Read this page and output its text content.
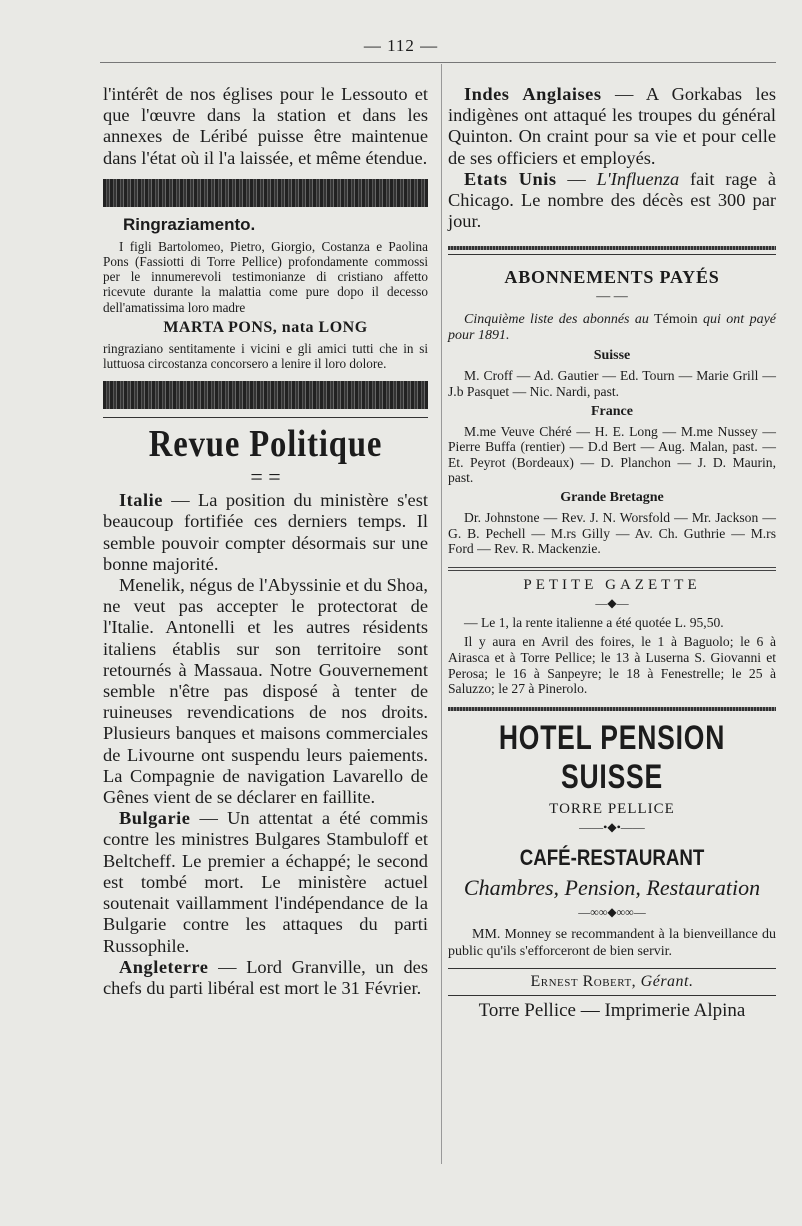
— 112 —

l'intérêt de nos églises pour le Lessouto et que l'œuvre dans la station et dans les annexes de Léribé puisse être maintenue dans l'état où il l'a laissée, et même étendue.

Ringraziamento.

I figli Bartolomeo, Pietro, Giorgio, Costanza e Paolina Pons (Fassiotti di Torre Pellice) profondamente commossi per le innumerevoli testimonianze di cristiano affetto ricevute durante la malattia come pure dopo il decesso dell'amatissima loro madre

MARTA PONS, nata LONG

ringraziano sentitamente i vicini e gli amici tutti che in si luttuosa circostanza concorsero a lenire il loro dolore.

Revue Politique
= =

Italie — La position du ministère s'est beaucoup fortifiée ces derniers temps. Il semble pouvoir compter désormais sur une bonne majorité.

Menelik, négus de l'Abyssinie et du Shoa, ne veut pas accepter le protectorat de l'Italie. Antonelli et les autres résidents italiens établis sur son territoire sont retournés à Massaua. Notre Gouvernement semble n'être pas disposé à tenter de ruineuses revendications de nos droits. Plusieurs banques et maisons commerciales de Livourne ont suspendu leurs paiements. La Compagnie de navigation Lavarello de Gênes vient de se déclarer en faillite.

Bulgarie — Un attentat a été commis contre les ministres Bulgares Stambuloff et Beltcheff. Le premier a échappé; le second est tombé mort. Le ministère actuel soutenait vaillamment l'indépendance de la Bulgarie contre les attaques du parti Russophile.

Angleterre — Lord Granville, un des chefs du parti libéral est mort le 31 Février.

Indes Anglaises — A Gorkabas les indigènes ont attaqué les troupes du général Quinton. On craint pour sa vie et pour celle de ses officiers et employés.

Etats Unis — L'Influenza fait rage à Chicago. Le nombre des décès est 300 par jour.

ABONNEMENTS PAYÉS
— —

Cinquième liste des abonnés au Témoin qui ont payé pour 1891.

Suisse

M. Croff — Ad. Gautier — Ed. Tourn — Marie Grill — J.b Pasquet — Nic. Nardi, past.

France

M.me Veuve Chéré — H. E. Long — M.me Nussey — Pierre Buffa (rentier) — D.d Bert — Aug. Malan, past. — Et. Peyrot (Bordeaux) — D. Planchon — J. D. Maurin, past.

Grande Bretagne

Dr. Johnstone — Rev. J. N. Worsfold — Mr. Jackson — G. B. Pechell — M.rs Gilly — Av. Ch. Guthrie — M.rs Ford — Rev. R. Mackenzie.

PETITE GAZETTE
—◆—

— Le 1, la rente italienne a été quotée L. 95,50.

Il y aura en Avril des foires, le 1 à Baguolo; le 6 à Airasca et à Torre Pellice; le 13 à Luserna S. Giovanni et Perosa; le 16 à Sanpeyre; le 18 à Fenestrelle; le 25 à Saluzzo; le 27 à Pinerolo.

HOTEL PENSION SUISSE
TORRE PELLICE
——•◆•——
CAFÉ-RESTAURANT
Chambres, Pension, Restauration
—∞∞◆∞∞—

MM. Monney se recommandent à la bienveillance du public qu'ils s'efforceront de bien servir.

Ernest Robert, Gérant.
Torre Pellice — Imprimerie Alpina
